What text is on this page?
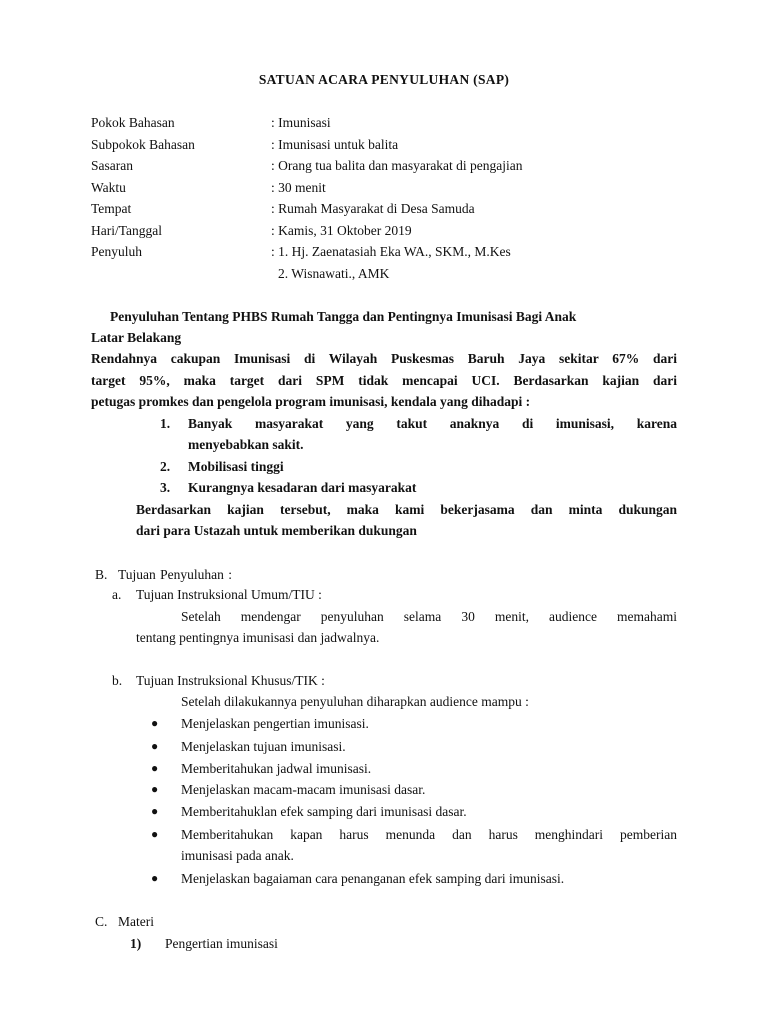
SATUAN ACARA PENYULUHAN (SAP)
Pokok Bahasan	: Imunisasi
Subpokok Bahasan	: Imunisasi untuk balita
Sasaran	: Orang tua balita dan masyarakat di pengajian
Waktu	: 30 menit
Tempat	: Rumah Masyarakat di Desa Samuda
Hari/Tanggal	: Kamis, 31 Oktober 2019
Penyuluh	: 1. Hj. Zaenatasiah Eka WA., SKM., M.Kes
2. Wisnawati., AMK
Penyuluhan Tentang PHBS Rumah Tangga dan Pentingnya Imunisasi Bagi Anak
Latar Belakang
Rendahnya cakupan Imunisasi di Wilayah Puskesmas Baruh Jaya sekitar 67% dari
target 95%, maka target dari SPM tidak mencapai UCI. Berdasarkan kajian dari
petugas promkes dan pengelola program imunisasi, kendala yang dihadapi :
1. Banyak masyarakat yang takut anaknya di imunisasi, karena
menyebabkan sakit.
2. Mobilisasi tinggi
3. Kurangnya kesadaran dari masyarakat
Berdasarkan kajian tersebut, maka kami bekerjasama dan minta dukungan
dari para Ustazah untuk memberikan dukungan
B. Tujuan Penyuluhan :
a. Tujuan Instruksional Umum/TIU :
Setelah mendengar penyuluhan selama 30 menit, audience memahami
tentang pentingnya imunisasi dan jadwalnya.
b. Tujuan Instruksional Khusus/TIK :
Setelah dilakukannya penyuluhan diharapkan audience mampu :
● Menjelaskan pengertian imunisasi.
● Menjelaskan tujuan imunisasi.
● Memberitahukan jadwal imunisasi.
● Menjelaskan macam-macam imunisasi dasar.
● Memberitahuklan efek samping dari imunisasi dasar.
● Memberitahukan kapan harus menunda dan harus menghindari pemberian
imunisasi pada anak.
● Menjelaskan bagaiaman cara penanganan efek samping dari imunisasi.
C. Materi
1) Pengertian imunisasi
